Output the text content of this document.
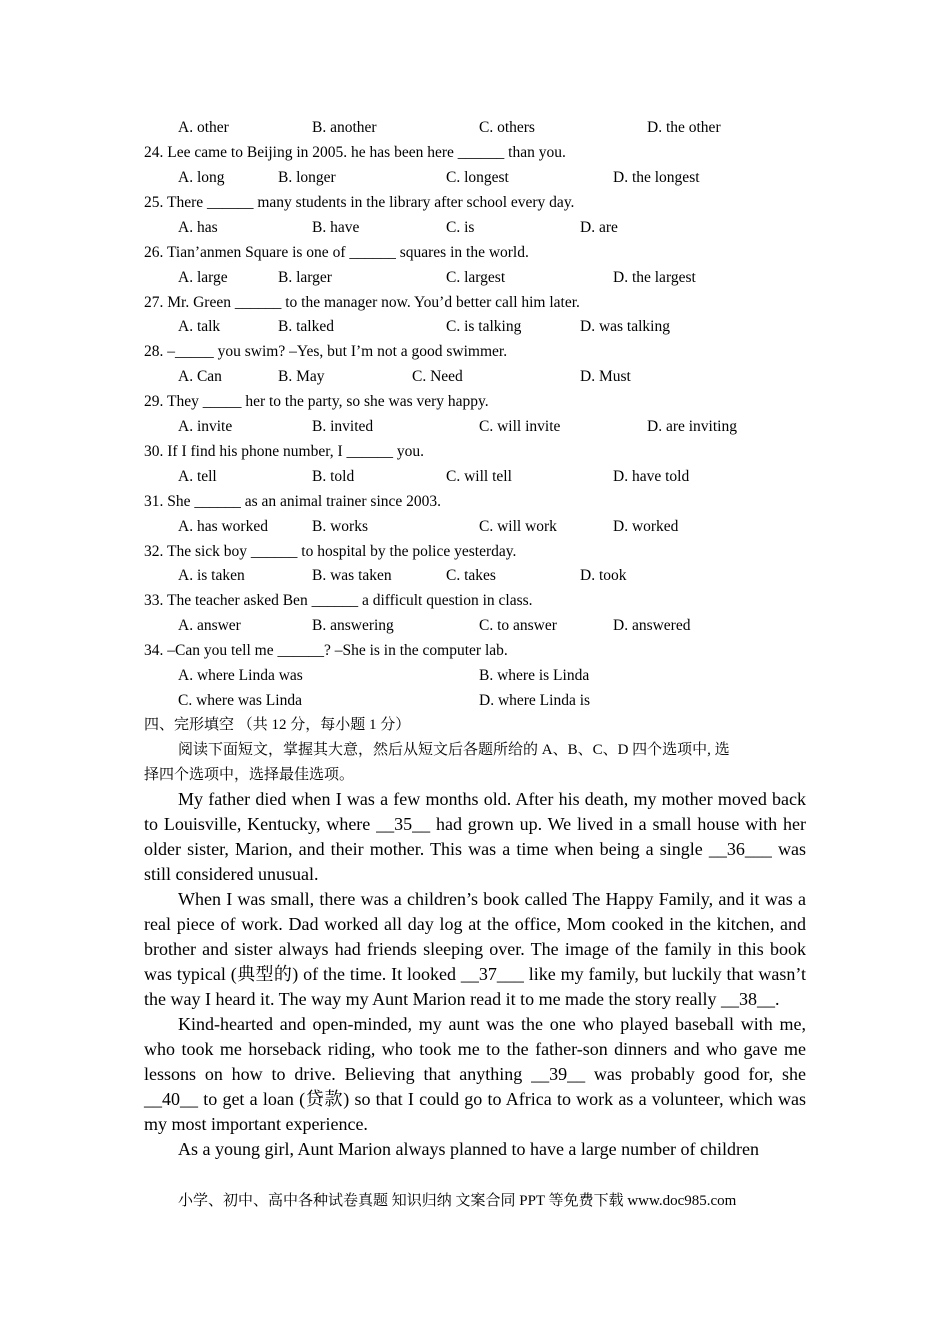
A. other	B. another	C. others	D. the other
24. Lee came to Beijing in 2005. he has been here ______ than you.
A. long	B. longer	C. longest	D. the longest
25. There ______ many students in the library after school every day.
A. has	B. have	C. is	D. are
26. Tian’anmen Square is one of ______ squares in the world.
A. large	B. larger	C. largest	D. the largest
27. Mr. Green ______ to the manager now. You’d better call him later.
A. talk	B. talked	C. is talking	D. was talking
28. –_____ you swim? –Yes, but I’m not a good swimmer.
A. Can	B. May	C. Need	D. Must
29. They _____ her to the party, so she was very happy.
A. invite	B. invited	C. will invite	D. are inviting
30. If I find his phone number, I ______ you.
A. tell	B. told	C. will tell	D. have told
31. She ______ as an animal trainer since 2003.
A. has worked	B. works	C. will work	D. worked
32. The sick boy ______ to hospital by the police yesterday.
A. is taken	B. was taken	C. takes	D. took
33. The teacher asked Ben ______ a difficult question in class.
A. answer	B. answering	C. to answer	D. answered
34. –Can you tell me ______? –She is in the computer lab.
A. where Linda was	B. where is Linda
C. where was Linda	D. where Linda is
四、完形填空 （共 12 分，每小题 1 分）
阅读下面短文，掌握其大意，然后从短文后各题所给的 A、B、C、D 四个选项中, 选
择四个选项中，选择最佳选项。

My father died when I was a few months old. After his death, my mother moved back to Louisville, Kentucky, where __35__ had grown up. We lived in a small house with her older sister, Marion, and their mother. This was a time when being a single __36___ was still considered unusual.

When I was small, there was a children’s book called The Happy Family, and it was a real piece of work. Dad worked all day log at the office, Mom cooked in the kitchen, and brother and sister always had friends sleeping over. The image of the family in this book was typical (典型的) of the time. It looked __37___ like my family, but luckily that wasn’t the way I heard it. The way my Aunt Marion read it to me made the story really __38__.

Kind-hearted and open-minded, my aunt was the one who played baseball with me, who took me horseback riding, who took me to the father-son dinners and who gave me lessons on how to drive. Believing that anything __39__ was probably good for, she __40__ to get a loan (贷款) so that I could go to Africa to work as a volunteer, which was my most important experience.

As a young girl, Aunt Marion always planned to have a large number of children

小学、初中、高中各种试卷真题 知识归纳 文案合同 PPT 等免费下载 www.doc985.com
